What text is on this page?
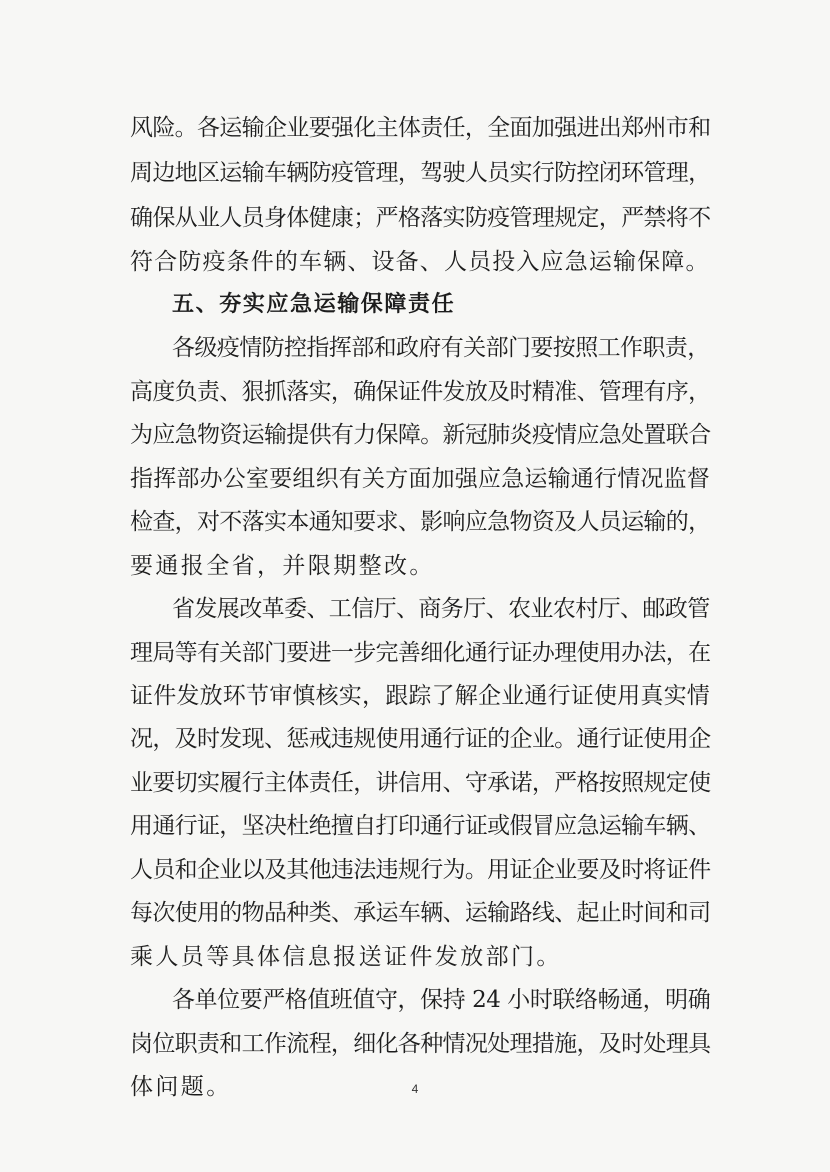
风险。各运输企业要强化主体责任，全面加强进出郑州市和
周边地区运输车辆防疫管理，驾驶人员实行防控闭环管理，
确保从业人员身体健康；严格落实防疫管理规定，严禁将不
符合防疫条件的车辆、设备、人员投入应急运输保障。
五、夯实应急运输保障责任
各级疫情防控指挥部和政府有关部门要按照工作职责，
高度负责、狠抓落实，确保证件发放及时精准、管理有序，
为应急物资运输提供有力保障。新冠肺炎疫情应急处置联合
指挥部办公室要组织有关方面加强应急运输通行情况监督
检查，对不落实本通知要求、影响应急物资及人员运输的，
要通报全省，并限期整改。
省发展改革委、工信厅、商务厅、农业农村厅、邮政管
理局等有关部门要进一步完善细化通行证办理使用办法，在
证件发放环节审慎核实，跟踪了解企业通行证使用真实情
况，及时发现、惩戒违规使用通行证的企业。通行证使用企
业要切实履行主体责任，讲信用、守承诺，严格按照规定使
用通行证，坚决杜绝擅自打印通行证或假冒应急运输车辆、
人员和企业以及其他违法违规行为。用证企业要及时将证件
每次使用的物品种类、承运车辆、运输路线、起止时间和司
乘人员等具体信息报送证件发放部门。
各单位要严格值班值守，保持 24 小时联络畅通，明确
岗位职责和工作流程，细化各种情况处理措施，及时处理具
体问题。	4
